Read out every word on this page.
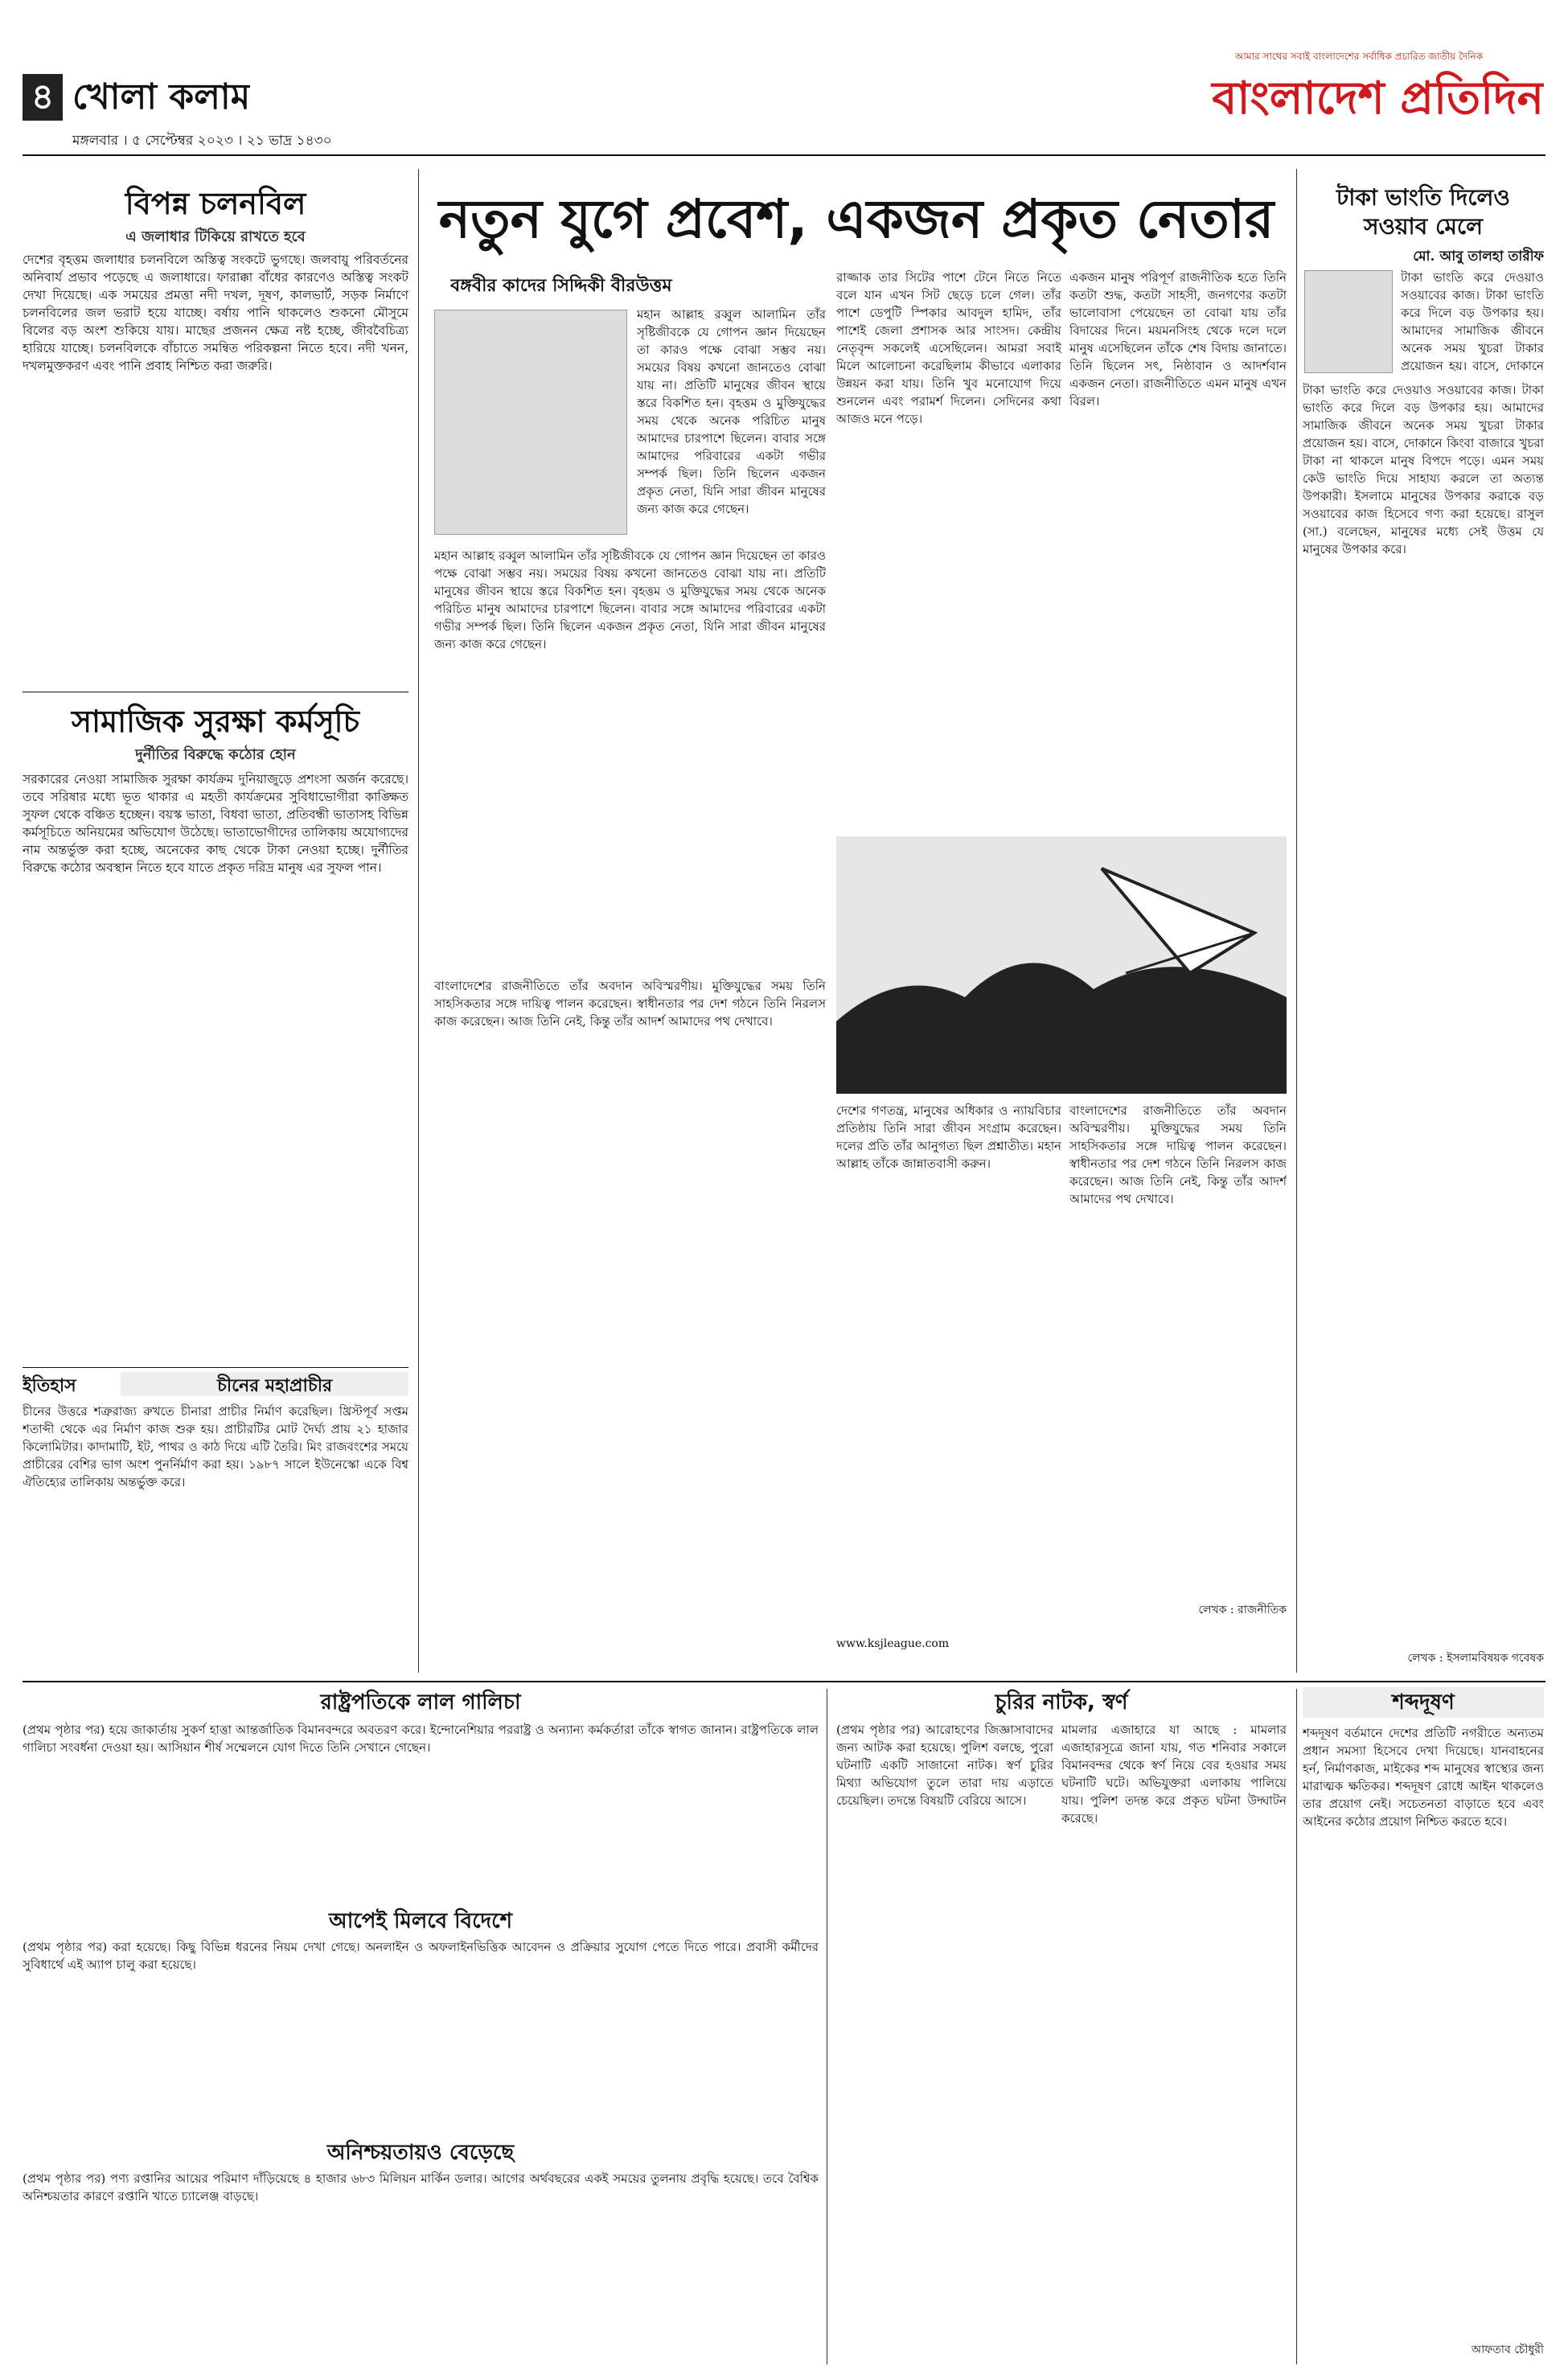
৪ খোলা কলাম
মঙ্গলবার । ৫ সেপ্টেম্বর ২০২৩ । ২১ ভাদ্র ১৪৩০
আমার সাথের সবাই বাংলাদেশের সর্বাধিক প্রচারিত জাতীয় দৈনিক
বাংলাদেশ প্রতিদিন
বিপন্ন চলনবিল
এ জলাধার টিকিয়ে রাখতে হবে
দেশের বৃহত্তম জলাধার চলনবিলে অস্তিত্ব সংকটে ভুগছে। জলবায়ু পরিবর্তনের অনিবার্য প্রভাব পড়েছে এ জলাধারে। ফারাক্কা বাঁধের কারণেও অস্তিত্ব সংকট দেখা দিয়েছে। এক সময়ের প্রমত্তা নদী দখল, দূষণ, কালভার্ট, সড়ক নির্মাণে চলনবিলের জল ভরাট হয়ে যাচ্ছে। বর্ষায় পানি থাকলেও শুকনো মৌসুমে বিলের বড় অংশ শুকিয়ে যায়। মাছের প্রজনন ক্ষেত্র নষ্ট হচ্ছে, জীববৈচিত্র্য হারিয়ে যাচ্ছে। চলনবিলকে বাঁচাতে সমন্বিত পরিকল্পনা নিতে হবে। নদী খনন, দখলমুক্তকরণ এবং পানি প্রবাহ নিশ্চিত করা জরুরি।
সামাজিক সুরক্ষা কর্মসূচি
দুর্নীতির বিরুদ্ধে কঠোর হোন
সরকারের নেওয়া সামাজিক সুরক্ষা কার্যক্রম দুনিয়াজুড়ে প্রশংসা অর্জন করেছে। তবে সরিষার মধ্যে ভূত থাকার এ মহতী কার্যক্রমের সুবিধাভোগীরা কাঙ্ক্ষিত সুফল থেকে বঞ্চিত হচ্ছেন। বয়স্ক ভাতা, বিধবা ভাতা, প্রতিবন্ধী ভাতাসহ বিভিন্ন কর্মসূচিতে অনিয়মের অভিযোগ উঠেছে। ভাতাভোগীদের তালিকায় অযোগ্যদের নাম অন্তর্ভুক্ত করা হচ্ছে, অনেকের কাছ থেকে টাকা নেওয়া হচ্ছে। দুর্নীতির বিরুদ্ধে কঠোর অবস্থান নিতে হবে যাতে প্রকৃত দরিদ্র মানুষ এর সুফল পান।
ইতিহাস	চীনের মহাপ্রাচীর
চীনের উত্তরে শত্রুরাজ্য রুখতে চীনারা প্রাচীর নির্মাণ করেছিল। খ্রিস্টপূর্ব সপ্তম শতাব্দী থেকে এর নির্মাণ কাজ শুরু হয়। প্রাচীরটির মোট দৈর্ঘ্য প্রায় ২১ হাজার কিলোমিটার। কাদামাটি, ইট, পাথর ও কাঠ দিয়ে এটি তৈরি। মিং রাজবংশের সময়ে প্রাচীরের বেশির ভাগ অংশ পুনর্নির্মাণ করা হয়। ১৯৮৭ সালে ইউনেস্কো একে বিশ্ব ঐতিহ্যের তালিকায় অন্তর্ভুক্ত করে।
নতুন যুগে প্রবেশ, একজন প্রকৃত নেতার
বঙ্গবীর কাদের সিদ্দিকী বীরউত্তম
মহান আল্লাহ রব্বুল আলামিন তাঁর সৃষ্টিজীবকে যে গোপন জ্ঞান দিয়েছেন তা কারও পক্ষে বোঝা সম্ভব নয়। সময়ের বিষয় কখনো জানতেও বোঝা যায় না। প্রতিটি মানুষের জীবন স্থায়ে স্তরে বিকশিত হন। বৃহত্তম ও মুক্তিযুদ্ধের সময় থেকে অনেক পরিচিত মানুষ আমাদের চারপাশে ছিলেন। বাবার সঙ্গে আমাদের পরিবারের একটা গভীর সম্পর্ক ছিল। তিনি ছিলেন একজন প্রকৃত নেতা, যিনি সারা জীবন মানুষের জন্য কাজ করে গেছেন।
মহান আল্লাহ রব্বুল আলামিন তাঁর সৃষ্টিজীবকে যে গোপন জ্ঞান দিয়েছেন তা কারও পক্ষে বোঝা সম্ভব নয়। সময়ের বিষয় কখনো জানতেও বোঝা যায় না। প্রতিটি মানুষের জীবন স্থায়ে স্তরে বিকশিত হন। বৃহত্তম ও মুক্তিযুদ্ধের সময় থেকে অনেক পরিচিত মানুষ আমাদের চারপাশে ছিলেন। বাবার সঙ্গে আমাদের পরিবারের একটা গভীর সম্পর্ক ছিল। তিনি ছিলেন একজন প্রকৃত নেতা, যিনি সারা জীবন মানুষের জন্য কাজ করে গেছেন।
রাজ্জাক তার সিটের পাশে টেনে নিতে নিতে বলে যান এখন সিট ছেড়ে চলে গেল। তাঁর পাশে ডেপুটি স্পিকার আবদুল হামিদ, তাঁর পাশেই জেলা প্রশাসক আর সাংসদ। কেন্দ্রীয় নেতৃবৃন্দ সকলেই এসেছিলেন। আমরা সবাই মিলে আলোচনা করেছিলাম কীভাবে এলাকার উন্নয়ন করা যায়। তিনি খুব মনোযোগ দিয়ে শুনলেন এবং পরামর্শ দিলেন। সেদিনের কথা আজও মনে পড়ে।
একজন মানুষ পরিপূর্ণ রাজনীতিক হতে তিনি কতটা শুদ্ধ, কতটা সাহসী, জনগণের কতটা ভালোবাসা পেয়েছেন তা বোঝা যায় তাঁর বিদায়ের দিনে। ময়মনসিংহ থেকে দলে দলে মানুষ এসেছিলেন তাঁকে শেষ বিদায় জানাতে। তিনি ছিলেন সৎ, নিষ্ঠাবান ও আদর্শবান একজন নেতা। রাজনীতিতে এমন মানুষ এখন বিরল।
বাংলাদেশের রাজনীতিতে তাঁর অবদান অবিস্মরণীয়। মুক্তিযুদ্ধের সময় তিনি সাহসিকতার সঙ্গে দায়িত্ব পালন করেছেন। স্বাধীনতার পর দেশ গঠনে তিনি নিরলস কাজ করেছেন। আজ তিনি নেই, কিন্তু তাঁর আদর্শ আমাদের পথ দেখাবে।
দেশের গণতন্ত্র, মানুষের অধিকার ও ন্যায়বিচার প্রতিষ্ঠায় তিনি সারা জীবন সংগ্রাম করেছেন। দলের প্রতি তাঁর আনুগত্য ছিল প্রশ্নাতীত। মহান আল্লাহ তাঁকে জান্নাতবাসী করুন।
বাংলাদেশের রাজনীতিতে তাঁর অবদান অবিস্মরণীয়। মুক্তিযুদ্ধের সময় তিনি সাহসিকতার সঙ্গে দায়িত্ব পালন করেছেন। স্বাধীনতার পর দেশ গঠনে তিনি নিরলস কাজ করেছেন। আজ তিনি নেই, কিন্তু তাঁর আদর্শ আমাদের পথ দেখাবে।
লেখক : রাজনীতিক
www.ksjleague.com
টাকা ভাংতি দিলেও সওয়াব মেলে
মো. আবু তালহা তারীফ
টাকা ভাংতি করে দেওয়াও সওয়াবের কাজ। টাকা ভাংতি করে দিলে বড় উপকার হয়। আমাদের সামাজিক জীবনে অনেক সময় খুচরা টাকার প্রয়োজন হয়। বাসে, দোকানে
টাকা ভাংতি করে দেওয়াও সওয়াবের কাজ। টাকা ভাংতি করে দিলে বড় উপকার হয়। আমাদের সামাজিক জীবনে অনেক সময় খুচরা টাকার প্রয়োজন হয়। বাসে, দোকানে কিংবা বাজারে খুচরা টাকা না থাকলে মানুষ বিপদে পড়ে। এমন সময় কেউ ভাংতি দিয়ে সাহায্য করলে তা অত্যন্ত উপকারী। ইসলামে মানুষের উপকার করাকে বড় সওয়াবের কাজ হিসেবে গণ্য করা হয়েছে। রাসুল (সা.) বলেছেন, মানুষের মধ্যে সেই উত্তম যে মানুষের উপকার করে।
লেখক : ইসলামবিষয়ক গবেষক
রাষ্ট্রপতিকে লাল গালিচা
(প্রথম পৃষ্ঠার পর) হয়ে জাকার্তায় সুকর্ণ হাত্তা আন্তর্জাতিক বিমানবন্দরে অবতরণ করে। ইন্দোনেশিয়ার পররাষ্ট্র ও অন্যান্য কর্মকর্তারা তাঁকে স্বাগত জানান। রাষ্ট্রপতিকে লাল গালিচা সংবর্ধনা দেওয়া হয়। আসিয়ান শীর্ষ সম্মেলনে যোগ দিতে তিনি সেখানে গেছেন।
আপেই মিলবে বিদেশে
(প্রথম পৃষ্ঠার পর) করা হয়েছে। কিছু বিভিন্ন ধরনের নিয়ম দেখা গেছে। অনলাইন ও অফলাইনভিত্তিক আবেদন ও প্রক্রিয়ার সুযোগ পেতে দিতে পারে। প্রবাসী কর্মীদের সুবিধার্থে এই অ্যাপ চালু করা হয়েছে।
অনিশ্চয়তায়ও বেড়েছে
(প্রথম পৃষ্ঠার পর) পণ্য রপ্তানির আয়ের পরিমাণ দাঁড়িয়েছে ৪ হাজার ৬৮৩ মিলিয়ন মার্কিন ডলার। আগের অর্থবছরের একই সময়ের তুলনায় প্রবৃদ্ধি হয়েছে। তবে বৈশ্বিক অনিশ্চয়তার কারণে রপ্তানি খাতে চ্যালেঞ্জ বাড়ছে।
চুরির নাটক, স্বর্ণ
(প্রথম পৃষ্ঠার পর) আরোহণের জিজ্ঞাসাবাদের জন্য আটক করা হয়েছে। পুলিশ বলছে, পুরো ঘটনাটি একটি সাজানো নাটক। স্বর্ণ চুরির মিথ্যা অভিযোগ তুলে তারা দায় এড়াতে চেয়েছিল। তদন্তে বিষয়টি বেরিয়ে আসে।
মামলার এজাহারে যা আছে : মামলার এজাহারসূত্রে জানা যায়, গত শনিবার সকালে বিমানবন্দর থেকে স্বর্ণ নিয়ে বের হওয়ার সময় ঘটনাটি ঘটে। অভিযুক্তরা এলাকায় পালিয়ে যায়। পুলিশ তদন্ত করে প্রকৃত ঘটনা উদ্ঘাটন করেছে।
শব্দদূষণ
শব্দদূষণ বর্তমানে দেশের প্রতিটি নগরীতে অন্যতম প্রধান সমস্যা হিসেবে দেখা দিয়েছে। যানবাহনের হর্ন, নির্মাণকাজ, মাইকের শব্দ মানুষের স্বাস্থ্যের জন্য মারাত্মক ক্ষতিকর। শব্দদূষণ রোধে আইন থাকলেও তার প্রয়োগ নেই। সচেতনতা বাড়াতে হবে এবং আইনের কঠোর প্রয়োগ নিশ্চিত করতে হবে।
আফতাব চৌধুরী
